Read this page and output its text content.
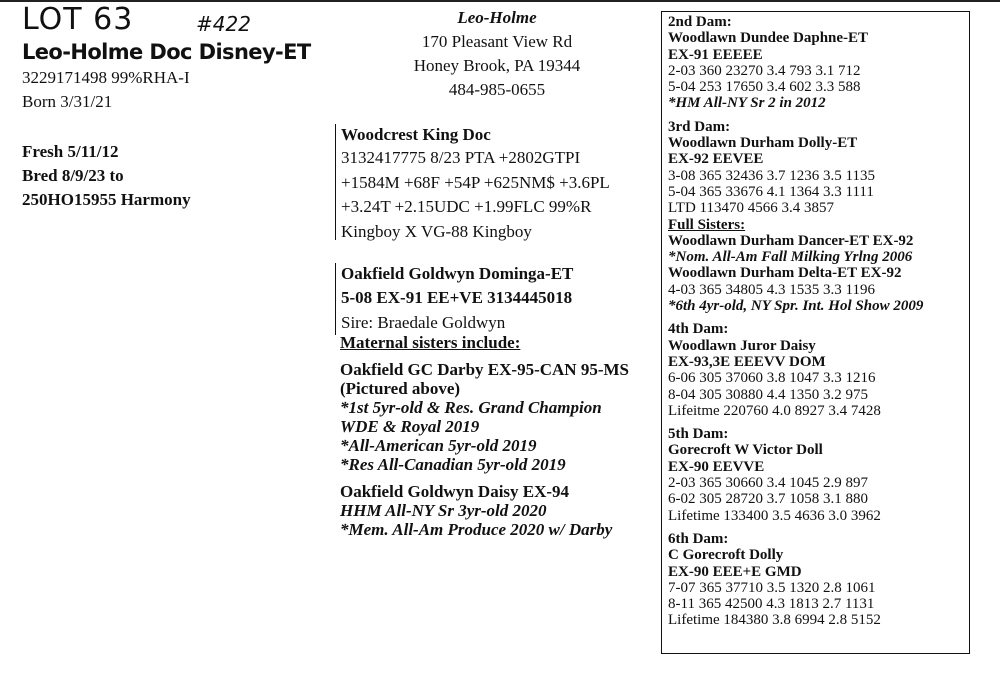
LOT 63	#422
Leo-Holme Doc Disney-ET
3229171498 99%RHA-I
Born 3/31/21
Fresh 5/11/12
Bred 8/9/23 to
250HO15955 Harmony
Leo-Holme
170 Pleasant View Rd
Honey Brook, PA 19344
484-985-0655
Woodcrest King Doc
3132417775 8/23 PTA +2802GTPI
+1584M +68F +54P +625NM$ +3.6PL
+3.24T +2.15UDC +1.99FLC 99%R
Kingboy X VG-88 Kingboy
Oakfield Goldwyn Dominga-ET
5-08 EX-91 EE+VE 3134445018
Sire: Braedale Goldwyn
Maternal sisters include:
Oakfield GC Darby EX-95-CAN 95-MS
(Pictured above)
*1st 5yr-old & Res. Grand Champion
WDE & Royal 2019
*All-American 5yr-old 2019
*Res All-Canadian 5yr-old 2019
Oakfield Goldwyn Daisy EX-94
HHM All-NY Sr 3yr-old 2020
*Mem. All-Am Produce 2020 w/ Darby
2nd Dam:
Woodlawn Dundee Daphne-ET
EX-91 EEEEE
2-03 360 23270 3.4 793 3.1 712
5-04 253 17650 3.4 602 3.3 588
*HM All-NY Sr 2 in 2012
3rd Dam:
Woodlawn Durham Dolly-ET
EX-92 EEVEE
3-08 365 32436 3.7 1236 3.5 1135
5-04 365 33676 4.1 1364 3.3 1111
LTD 113470 4566 3.4 3857
Full Sisters:
Woodlawn Durham Dancer-ET EX-92
*Nom. All-Am Fall Milking Yrlng 2006
Woodlawn Durham Delta-ET EX-92
4-03 365 34805 4.3 1535 3.3 1196
*6th 4yr-old, NY Spr. Int. Hol Show 2009
4th Dam:
Woodlawn Juror Daisy
EX-93,3E EEEVV DOM
6-06 305 37060 3.8 1047 3.3 1216
8-04 305 30880 4.4 1350 3.2 975
Lifeitme 220760 4.0 8927 3.4 7428
5th Dam:
Gorecroft W Victor Doll
EX-90 EEVVE
2-03 365 30660 3.4 1045 2.9 897
6-02 305 28720 3.7 1058 3.1 880
Lifetime 133400 3.5 4636 3.0 3962
6th Dam:
C Gorecroft Dolly
EX-90 EEE+E GMD
7-07 365 37710 3.5 1320 2.8 1061
8-11 365 42500 4.3 1813 2.7 1131
Lifetime 184380 3.8 6994 2.8 5152
